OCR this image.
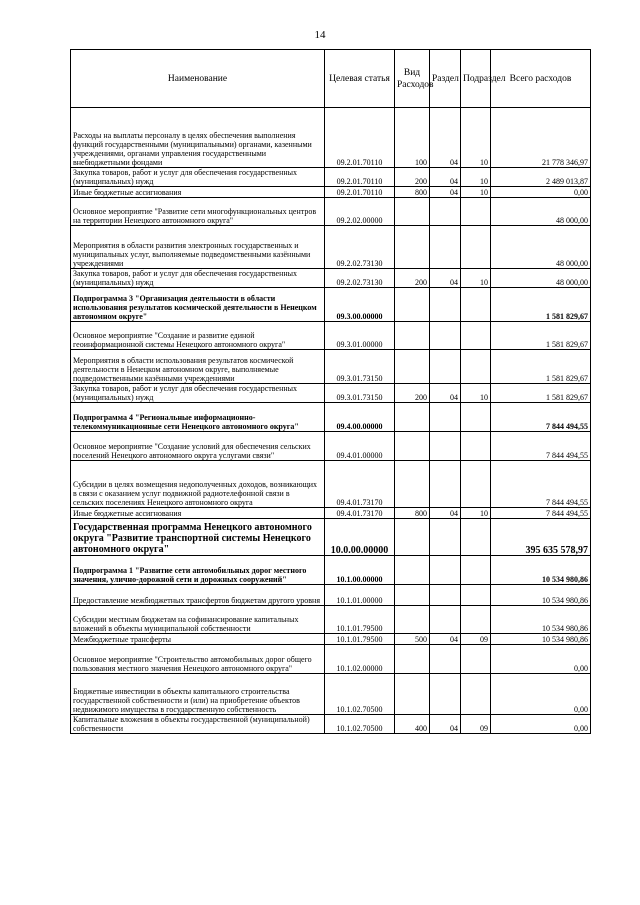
14
Наименование	Целевая статья	Вид Расходов	Раздел	Подраздел	Всего расходов
Расходы на выплаты персоналу в целях обеспечения выполнения функций государственными (муниципальными) органами, казенными учреждениями, органами управления государственными внебюджетными фондами	09.2.01.70110	100	04	10	21 778 346,97
Закупка товаров, работ и услуг для обеспечения государственных (муниципальных) нужд	09.2.01.70110	200	04	10	2 489 013,87
Иные бюджетные ассигнования	09.2.01.70110	800	04	10	0,00
Основное мероприятие "Развитие сети многофункциональных центров на территории Ненецкого автономного округа"	09.2.02.00000				48 000,00
Мероприятия в области развития электронных государственных и муниципальных услуг, выполняемые подведомственными казёнными учреждениями	09.2.02.73130				48 000,00
Закупка товаров, работ и услуг для обеспечения государственных (муниципальных) нужд	09.2.02.73130	200	04	10	48 000,00
Подпрограмма 3 "Организация деятельности в области использования результатов космической деятельности в Ненецком автономном округе"	09.3.00.00000				1 581 829,67
Основное мероприятие "Создание и развитие единой геоинформационной системы Ненецкого автономного округа"	09.3.01.00000				1 581 829,67
Мероприятия в области использования результатов космической деятельности в Ненецком автономном округе, выполняемые подведомственными казёнными учреждениями	09.3.01.73150				1 581 829,67
Закупка товаров, работ и услуг для обеспечения государственных (муниципальных) нужд	09.3.01.73150	200	04	10	1 581 829,67
Подпрограмма 4 "Региональные информационно-телекоммуникационные сети Ненецкого автономного округа"	09.4.00.00000				7 844 494,55
Основное мероприятие "Создание условий для обеспечения сельских поселений Ненецкого автономного округа услугами связи"	09.4.01.00000				7 844 494,55
Субсидии в целях возмещения недополученных доходов, возникающих в связи с оказанием услуг подвижной радиотелефонной связи в сельских поселениях Ненецкого автономного округа	09.4.01.73170				7 844 494,55
Иные бюджетные ассигнования	09.4.01.73170	800	04	10	7 844 494,55
Государственная программа Ненецкого автономного округа "Развитие транспортной системы Ненецкого автономного округа"	10.0.00.00000				395 635 578,97
Подпрограмма 1 "Развитие сети автомобильных дорог местного значения, улично-дорожной сети и дорожных сооружений"	10.1.00.00000				10 534 980,86
Предоставление межбюджетных трансфертов бюджетам другого уровня	10.1.01.00000				10 534 980,86
Субсидии местным бюджетам на софинансирование капитальных вложений в объекты муниципальной собственности	10.1.01.79500				10 534 980,86
Межбюджетные трансферты	10.1.01.79500	500	04	09	10 534 980,86
Основное мероприятие "Строительство автомобильных дорог общего пользования местного значения Ненецкого автономного округа"	10.1.02.00000				0,00
Бюджетные инвестиции в объекты капитального строительства государственной собственности и (или) на приобретение объектов недвижимого имущества в государственную собственность	10.1.02.70500				0,00
Капитальные вложения в объекты государственной (муниципальной) собственности	10.1.02.70500	400	04	09	0,00
